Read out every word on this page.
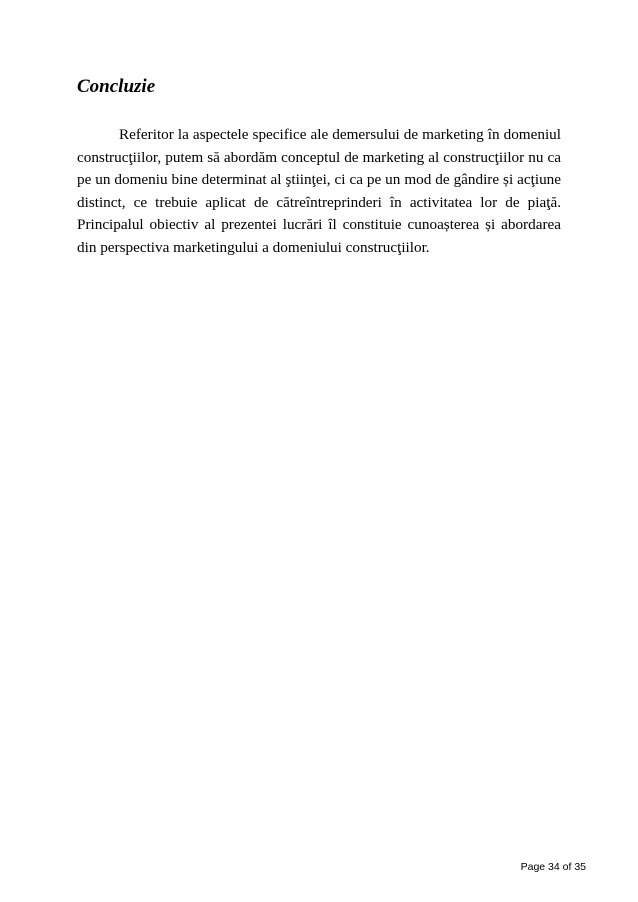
Concluzie

Referitor la aspectele specifice ale demersului de marketing în domeniul construcţiilor, putem să abordăm conceptul de marketing al construcţiilor nu ca pe un domeniu bine determinat al ştiinţei, ci ca pe un mod de gândire și acţiune distinct, ce trebuie aplicat de cătreîntreprinderi în activitatea lor de piaţă. Principalul obiectiv al prezentei lucrări îl constituie cunoașterea și abordarea din perspectiva marketingului a domeniului construcţiilor.

Page 34 of 35
